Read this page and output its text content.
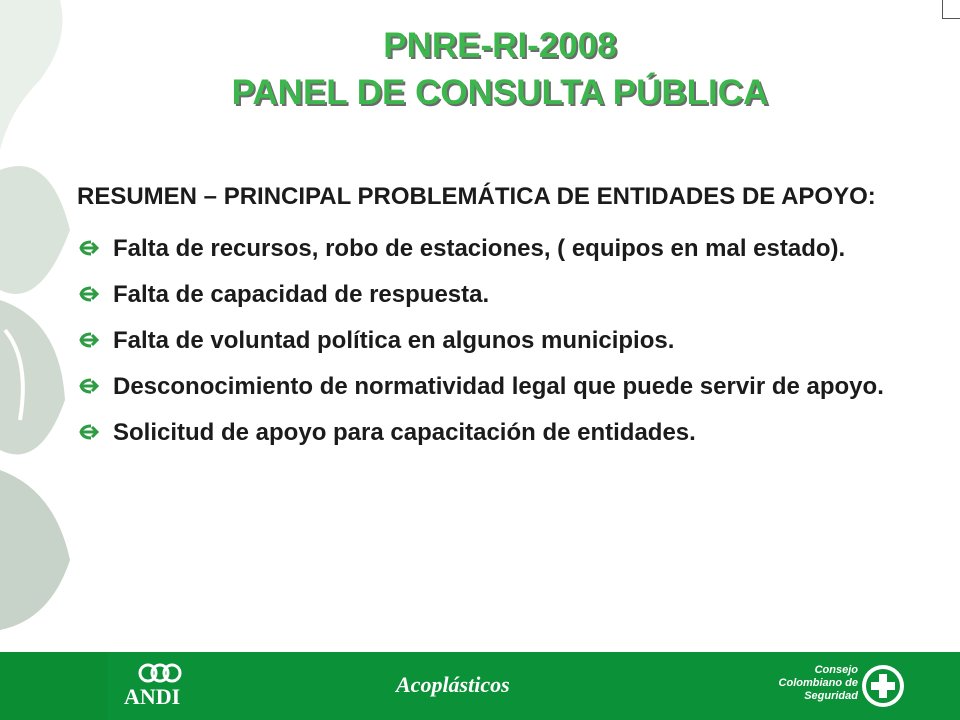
PNRE-RI-2008
PANEL DE CONSULTA PÚBLICA

RESUMEN – PRINCIPAL PROBLEMÁTICA DE ENTIDADES DE APOYO:

Falta de recursos, robo de estaciones, ( equipos en mal estado).
Falta de capacidad de respuesta.
Falta de voluntad política en algunos municipios.
Desconocimiento de normatividad legal que puede servir de apoyo.
Solicitud de apoyo para capacitación de entidades.
ANDI	Acoplásticos
Consejo
Colombiano de
Seguridad
